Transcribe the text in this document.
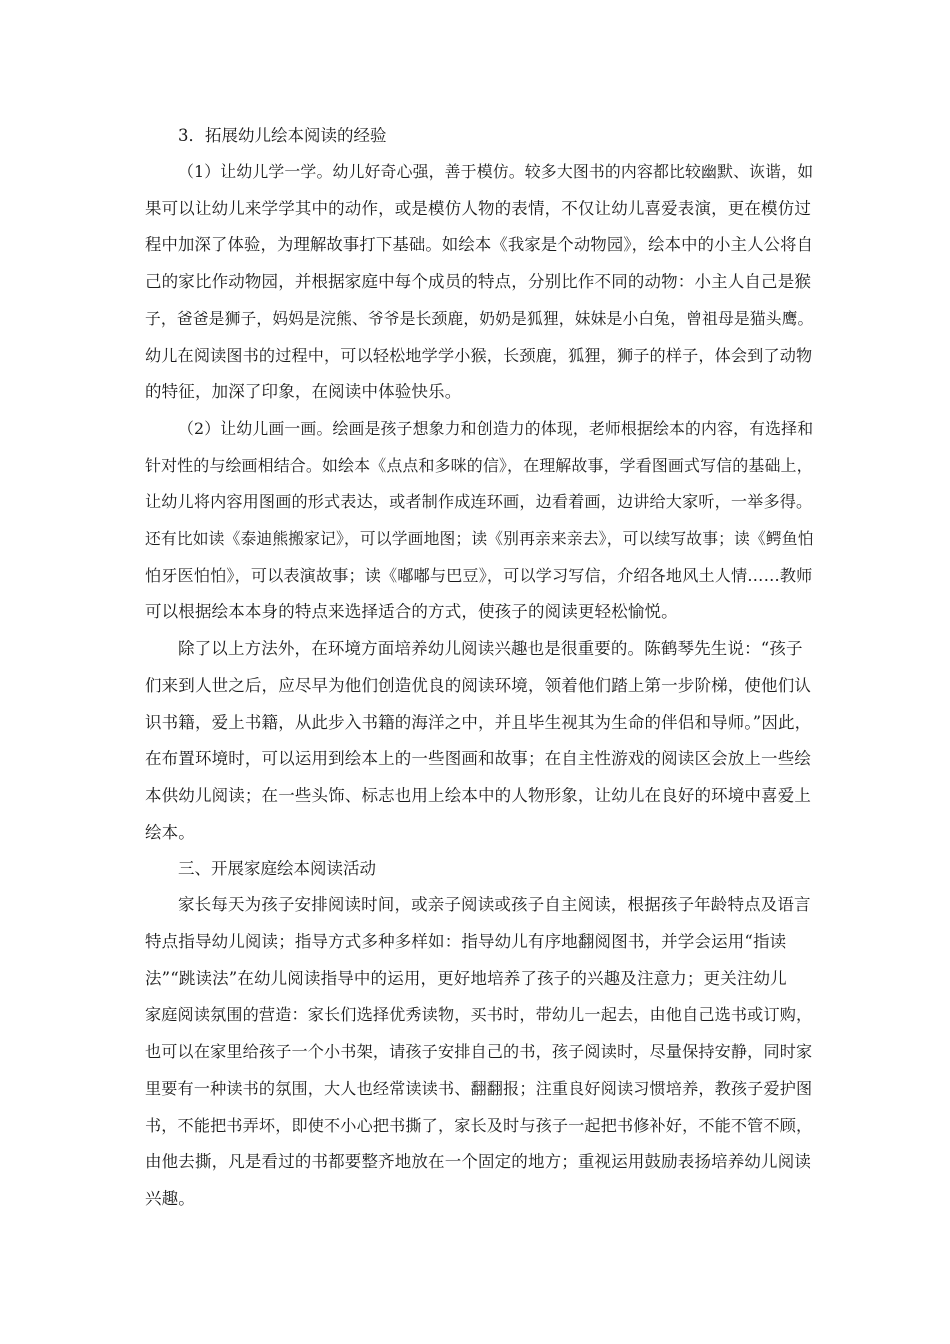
3．拓展幼儿绘本阅读的经验

（1）让幼儿学一学。幼儿好奇心强，善于模仿。较多大图书的内容都比较幽默、诙谐，如
果可以让幼儿来学学其中的动作，或是模仿人物的表情，不仅让幼儿喜爱表演，更在模仿过
程中加深了体验，为理解故事打下基础。如绘本《我家是个动物园》，绘本中的小主人公将自
己的家比作动物园，并根据家庭中每个成员的特点，分别比作不同的动物：小主人自己是猴
子，爸爸是狮子，妈妈是浣熊、爷爷是长颈鹿，奶奶是狐狸，妹妹是小白兔，曾祖母是猫头鹰。
幼儿在阅读图书的过程中，可以轻松地学学小猴，长颈鹿，狐狸，狮子的样子，体会到了动物
的特征，加深了印象，在阅读中体验快乐。
（2）让幼儿画一画。绘画是孩子想象力和创造力的体现，老师根据绘本的内容，有选择和
针对性的与绘画相结合。如绘本《点点和多咪的信》，在理解故事，学看图画式写信的基础上，
让幼儿将内容用图画的形式表达，或者制作成连环画，边看着画，边讲给大家听，一举多得。
还有比如读《泰迪熊搬家记》，可以学画地图；读《别再亲来亲去》，可以续写故事；读《鳄鱼怕
怕牙医怕怕》，可以表演故事；读《嘟嘟与巴豆》，可以学习写信，介绍各地风土人情……教师
可以根据绘本本身的特点来选择适合的方式，使孩子的阅读更轻松愉悦。
除了以上方法外，在环境方面培养幼儿阅读兴趣也是很重要的。陈鹤琴先生说：“孩子
们来到人世之后，应尽早为他们创造优良的阅读环境，领着他们踏上第一步阶梯，使他们认
识书籍，爱上书籍，从此步入书籍的海洋之中，并且毕生视其为生命的伴侣和导师。”因此，
在布置环境时，可以运用到绘本上的一些图画和故事；在自主性游戏的阅读区会放上一些绘
本供幼儿阅读；在一些头饰、标志也用上绘本中的人物形象，让幼儿在良好的环境中喜爱上
绘本。

三、开展家庭绘本阅读活动

家长每天为孩子安排阅读时间，或亲子阅读或孩子自主阅读，根据孩子年龄特点及语言
特点指导幼儿阅读；指导方式多种多样如：指导幼儿有序地翻阅图书，并学会运用“指读
法”“跳读法”在幼儿阅读指导中的运用，更好地培养了孩子的兴趣及注意力；更关注幼儿
家庭阅读氛围的营造：家长们选择优秀读物，买书时，带幼儿一起去，由他自己选书或订购，
也可以在家里给孩子一个小书架，请孩子安排自己的书，孩子阅读时，尽量保持安静，同时家
里要有一种读书的氛围，大人也经常读读书、翻翻报；注重良好阅读习惯培养，教孩子爱护图
书，不能把书弄坏，即使不小心把书撕了，家长及时与孩子一起把书修补好，不能不管不顾，
由他去撕，凡是看过的书都要整齐地放在一个固定的地方；重视运用鼓励表扬培养幼儿阅读
兴趣。
